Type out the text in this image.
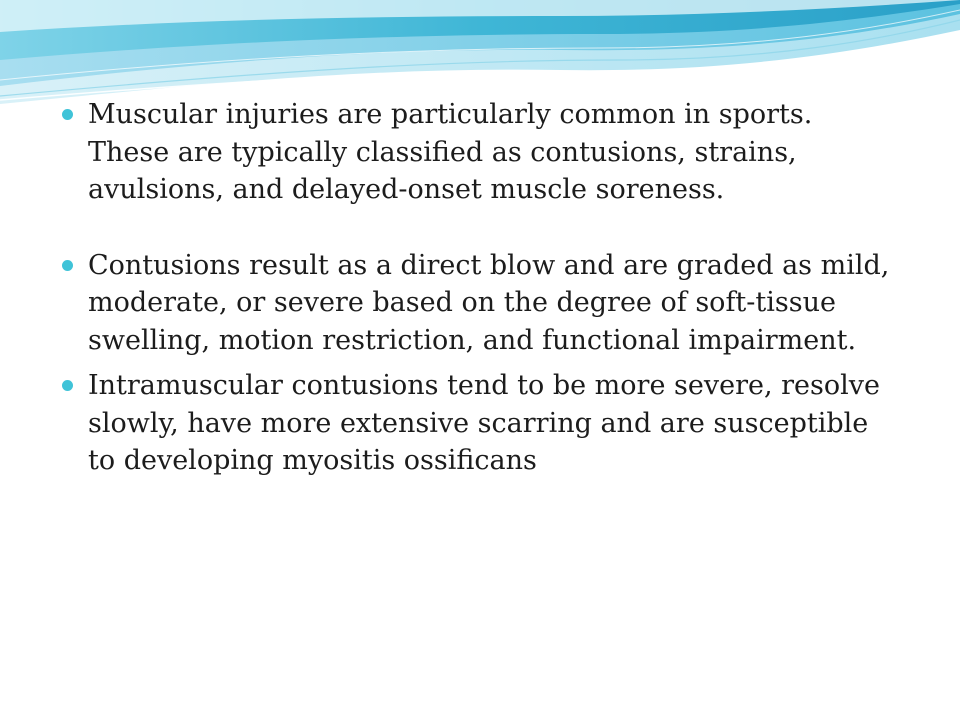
Muscular injuries are particularly common in sports. These are typically classified as contusions, strains, avulsions, and delayed-onset muscle soreness.

Contusions result as a direct blow and are graded as mild, moderate, or severe based on the degree of soft-tissue swelling, motion restriction, and functional impairment.

Intramuscular contusions tend to be more severe, resolve slowly, have more extensive scarring and are susceptible to developing myositis ossificans
